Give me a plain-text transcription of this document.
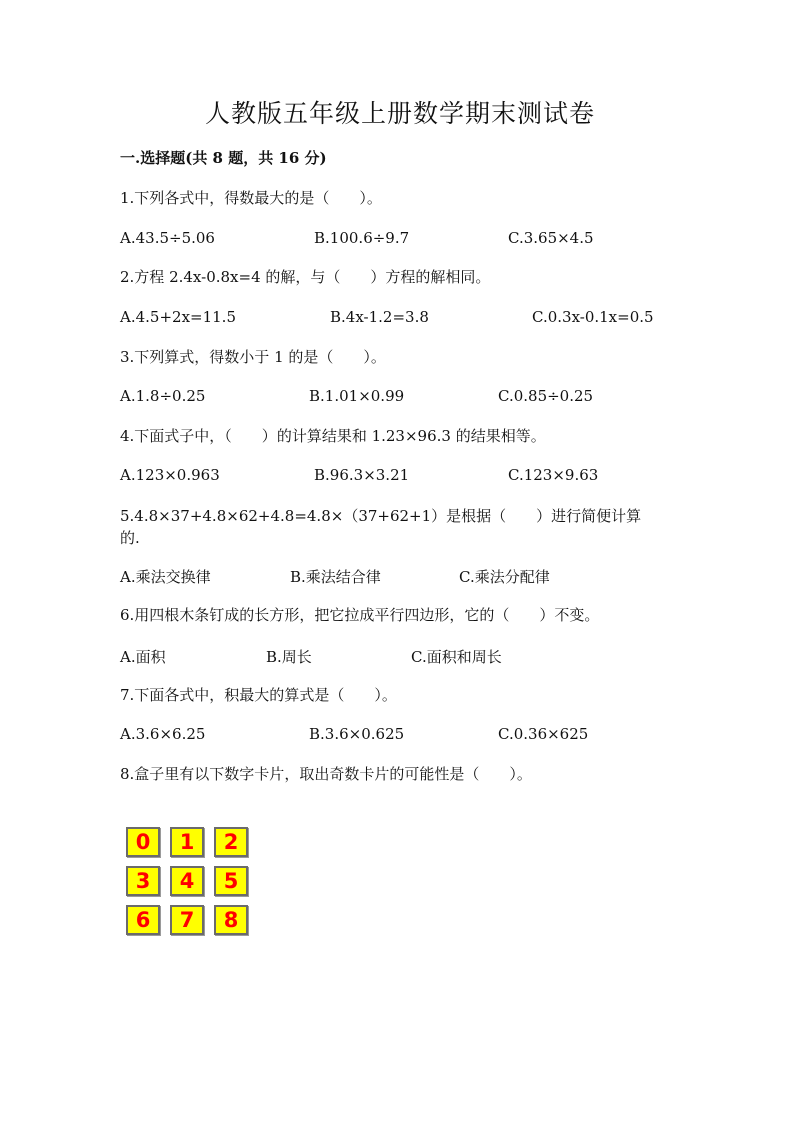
人教版五年级上册数学期末测试卷
一.选择题(共 8 题，共 16 分)
1.下列各式中，得数最大的是（　　）。
A.43.5÷5.06	B.100.6÷9.7	C.3.65×4.5
2.方程 2.4x-0.8x=4 的解，与（　　）方程的解相同。
A.4.5+2x=11.5	B.4x-1.2=3.8	C.0.3x-0.1x=0.5
3.下列算式，得数小于 1 的是（　　）。
A.1.8÷0.25	B.1.01×0.99	C.0.85÷0.25
4.下面式子中，（　　）的计算结果和 1.23×96.3 的结果相等。
A.123×0.963	B.96.3×3.21	C.123×9.63
5.4.8×37+4.8×62+4.8=4.8×（37+62+1）是根据（　　）进行简便计算的.
A.乘法交换律	B.乘法结合律	C.乘法分配律
6.用四根木条钉成的长方形，把它拉成平行四边形，它的（　　）不变。
A.面积	B.周长	C.面积和周长
7.下面各式中，积最大的算式是（　　）。
A.3.6×6.25	B.3.6×0.625	C.0.36×625
8.盒子里有以下数字卡片，取出奇数卡片的可能性是（　　）。
0	1	2
3	4	5
6	7	8
